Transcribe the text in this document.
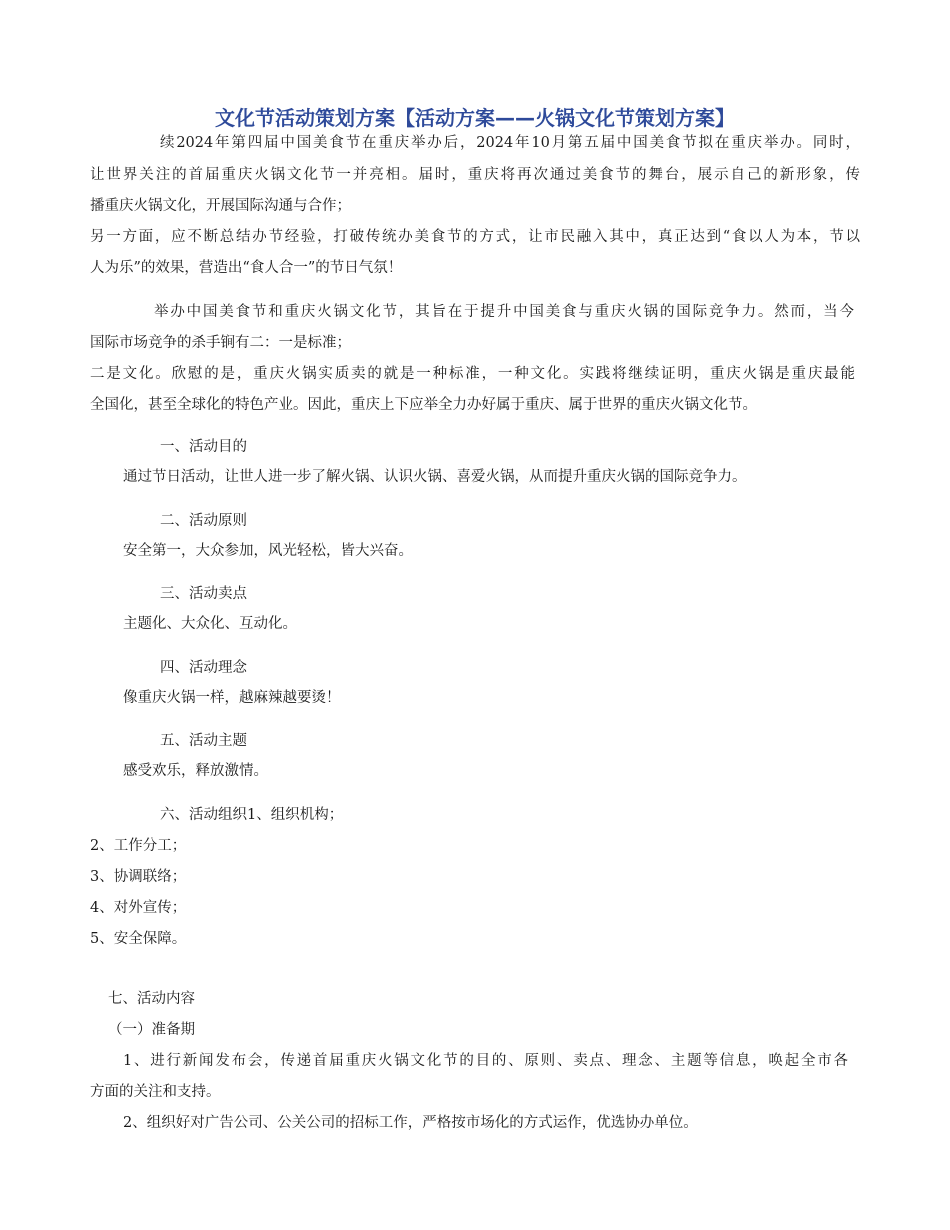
文化节活动策划方案【活动方案——火锅文化节策划方案】
续2024年第四届中国美食节在重庆举办后，2024年10月第五届中国美食节拟在重庆举办。同时，
让世界关注的首届重庆火锅文化节一并亮相。届时，重庆将再次通过美食节的舞台，展示自己的新形象，传
播重庆火锅文化，开展国际沟通与合作；
另一方面，应不断总结办节经验，打破传统办美食节的方式，让市民融入其中，真正达到“食以人为本，节以
人为乐”的效果，营造出“食人合一”的节日气氛！
举办中国美食节和重庆火锅文化节，其旨在于提升中国美食与重庆火锅的国际竞争力。然而，当今
国际市场竞争的杀手锏有二：一是标准；
二是文化。欣慰的是，重庆火锅实质卖的就是一种标准，一种文化。实践将继续证明，重庆火锅是重庆最能
全国化，甚至全球化的特色产业。因此，重庆上下应举全力办好属于重庆、属于世界的重庆火锅文化节。
一、活动目的
通过节日活动，让世人进一步了解火锅、认识火锅、喜爱火锅，从而提升重庆火锅的国际竞争力。
二、活动原则
安全第一，大众参加，风光轻松，皆大兴奋。
三、活动卖点
主题化、大众化、互动化。
四、活动理念
像重庆火锅一样，越麻辣越要烫！
五、活动主题
感受欢乐，释放激情。
六、活动组织1、组织机构；
2、工作分工；
3、协调联络；
4、对外宣传；
5、安全保障。
七、活动内容
（一）准备期
1、进行新闻发布会，传递首届重庆火锅文化节的目的、原则、卖点、理念、主题等信息，唤起全市各
方面的关注和支持。
2、组织好对广告公司、公关公司的招标工作，严格按市场化的方式运作，优选协办单位。
